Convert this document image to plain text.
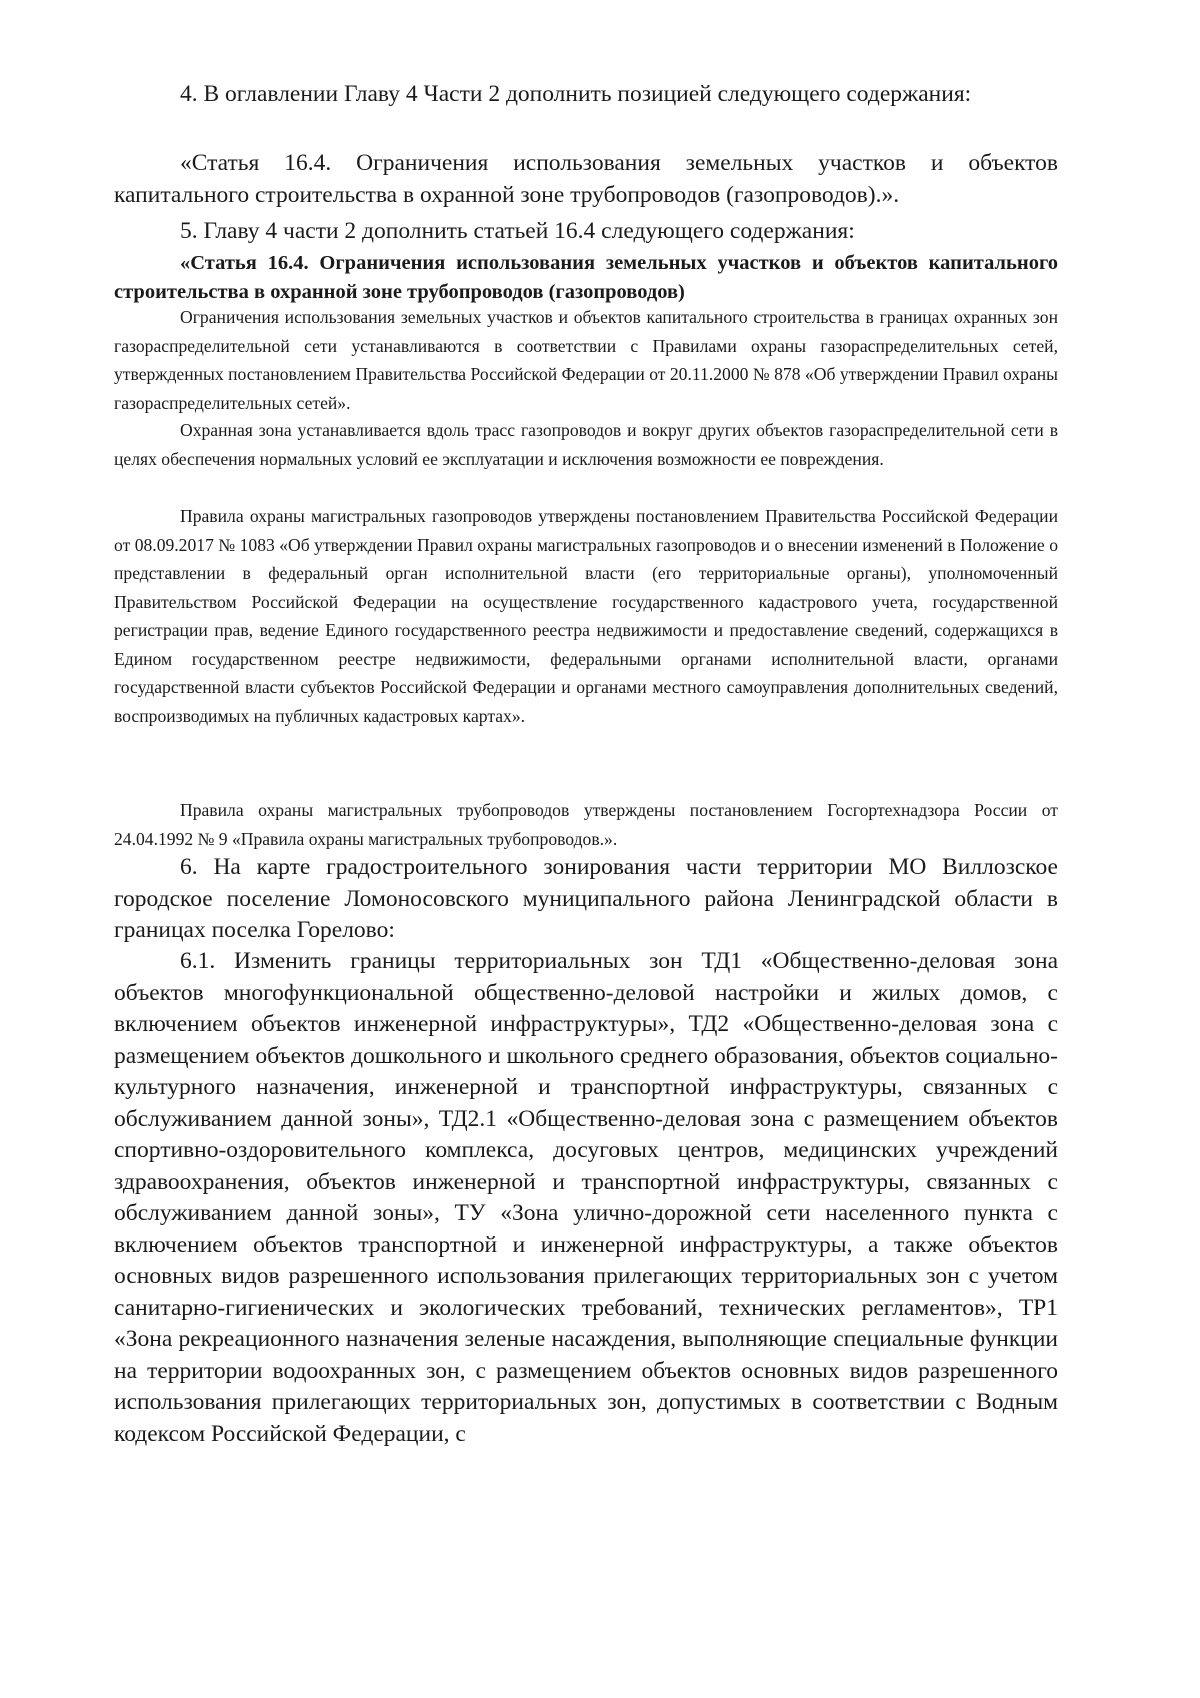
4. В оглавлении Главу 4 Части 2 дополнить позицией следующего содержания:

«Статья 16.4. Ограничения использования земельных участков и объектов капитального строительства в охранной зоне трубопроводов (газопроводов).».

5. Главу 4 части 2 дополнить статьей 16.4 следующего содержания:

«Статья 16.4. Ограничения использования земельных участков и объектов капитального строительства в охранной зоне трубопроводов (газопроводов)

Ограничения использования земельных участков и объектов капитального строительства в границах охранных зон газораспределительной сети устанавливаются в соответствии с Правилами охраны газораспределительных сетей, утвержденных постановлением Правительства Российской Федерации от 20.11.2000 № 878 «Об утверждении Правил охраны газораспределительных сетей».

Охранная зона устанавливается вдоль трасс газопроводов и вокруг других объектов газораспределительной сети в целях обеспечения нормальных условий ее эксплуатации и исключения возможности ее повреждения.

Правила охраны магистральных газопроводов утверждены постановлением Правительства Российской Федерации от 08.09.2017 № 1083 «Об утверждении Правил охраны магистральных газопроводов и о внесении изменений в Положение о представлении в федеральный орган исполнительной власти (его территориальные органы), уполномоченный Правительством Российской Федерации на осуществление государственного кадастрового учета, государственной регистрации прав, ведение Единого государственного реестра недвижимости и предоставление сведений, содержащихся в Едином государственном реестре недвижимости, федеральными органами исполнительной власти, органами государственной власти субъектов Российской Федерации и органами местного самоуправления дополнительных сведений, воспроизводимых на публичных кадастровых картах».

Правила охраны магистральных трубопроводов утверждены постановлением Госгортехнадзора России от 24.04.1992 № 9 «Правила охраны магистральных трубопроводов.».

6. На карте градостроительного зонирования части территории МО Виллозское городское поселение Ломоносовского муниципального района Ленинградской области в границах поселка Горелово:

6.1. Изменить границы территориальных зон ТД1 «Общественно-деловая зона объектов многофункциональной общественно-деловой настройки и жилых домов, с включением объектов инженерной инфраструктуры», ТД2 «Общественно-деловая зона с размещением объектов дошкольного и школьного среднего образования, объектов социально-культурного назначения, инженерной и транспортной инфраструктуры, связанных с обслуживанием данной зоны», ТД2.1 «Общественно-деловая зона с размещением объектов спортивно-оздоровительного комплекса, досуговых центров, медицинских учреждений здравоохранения, объектов инженерной и транспортной инфраструктуры, связанных с обслуживанием данной зоны», ТУ «Зона улично-дорожной сети населенного пункта с включением объектов транспортной и инженерной инфраструктуры, а также объектов основных видов разрешенного использования прилегающих территориальных зон с учетом санитарно-гигиенических и экологических требований, технических регламентов», ТР1 «Зона рекреационного назначения зеленые насаждения, выполняющие специальные функции на территории водоохранных зон, с размещением объектов основных видов разрешенного использования прилегающих территориальных зон, допустимых в соответствии с Водным кодексом Российской Федерации, с
